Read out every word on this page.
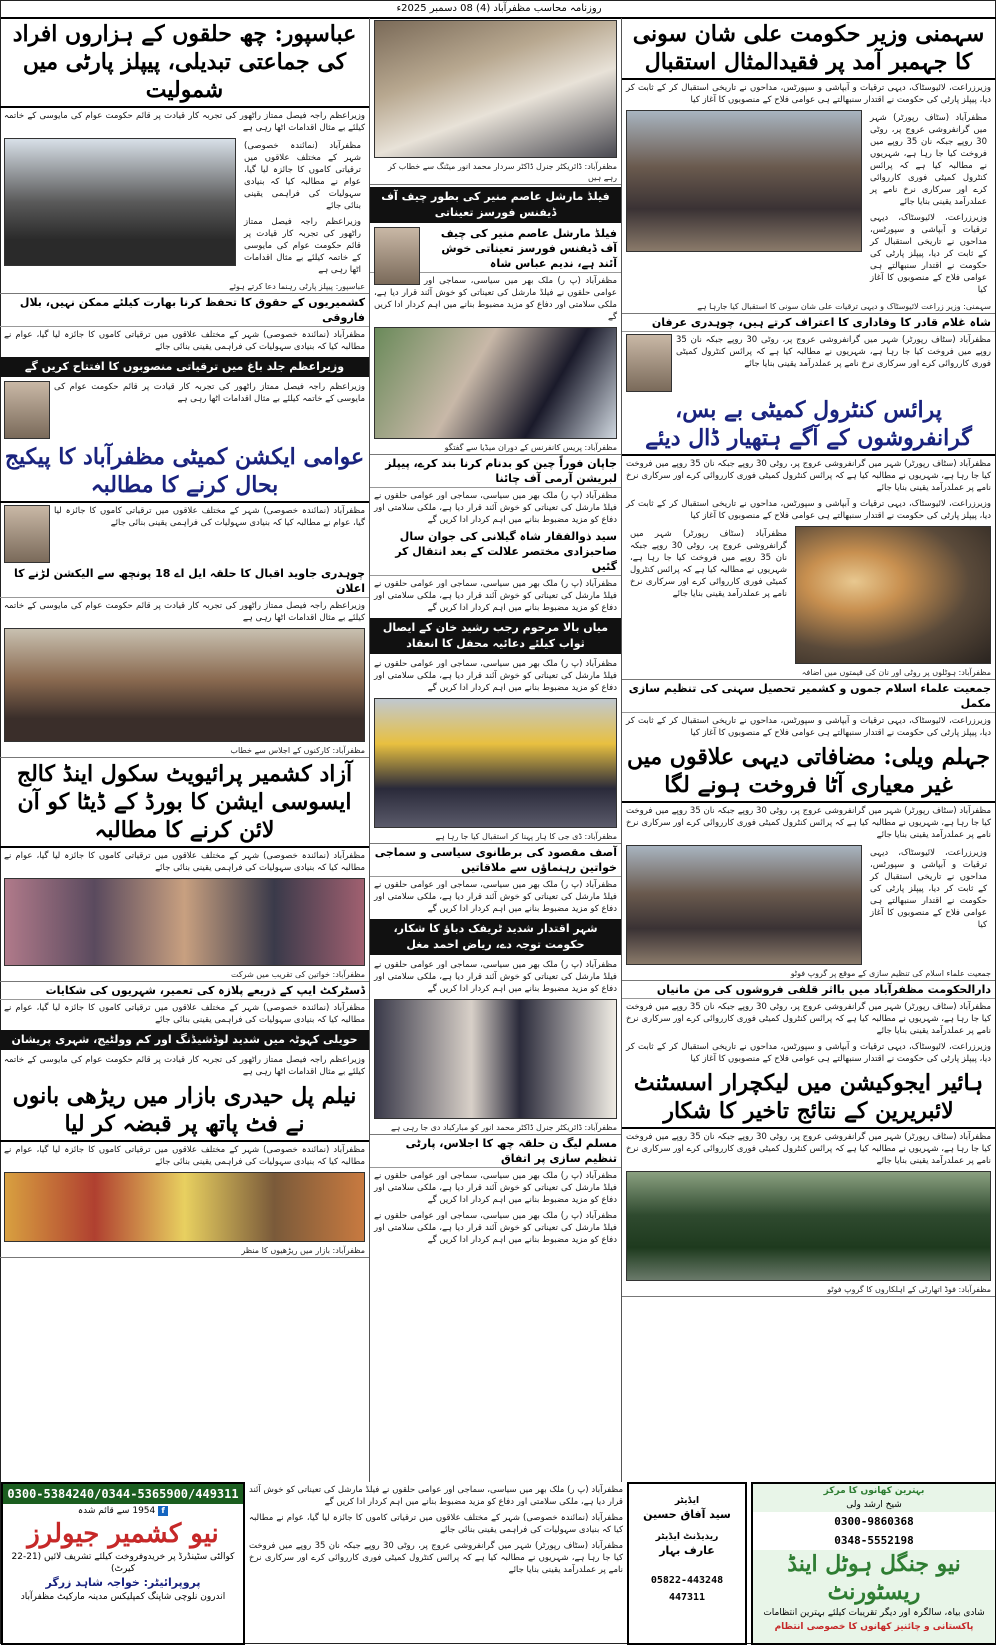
روزنامہ محاسب مظفرآباد (4) 08 دسمبر 2025ء
سہمنی وزیر حکومت علی شان سونی کا جہمبر آمد پر فقیدالمثال استقبال
وزیرزراعت، لائیوسٹاک، دیہی ترقیات و آبپاشی و سپورٹس، مداحوں نے تاریخی استقبال کر کے ثابت کر دیا، پیپلز پارٹی کی حکومت نے اقتدار سنبھالتے ہی عوامی فلاح کے منصوبوں کا آغاز کیا
مظفرآباد (سٹاف رپورٹر) شہر میں گرانفروشی عروج پر، روٹی 30 روپے جبکہ نان 35 روپے میں فروخت کیا جا رہا ہے، شہریوں نے مطالبہ کیا ہے کہ پرائس کنٹرول کمیٹی فوری کارروائی کرے اور سرکاری نرخ نامے پر عملدرآمد یقینی بنایا جائے
وزیرزراعت، لائیوسٹاک، دیہی ترقیات و آبپاشی و سپورٹس، مداحوں نے تاریخی استقبال کر کے ثابت کر دیا، پیپلز پارٹی کی حکومت نے اقتدار سنبھالتے ہی عوامی فلاح کے منصوبوں کا آغاز کیا
سہمنی: وزیر زراعت لائیوسٹاک و دیہی ترقیات علی شان سونی کا استقبال کیا جارہا ہے
شاہ غلام قادر کا وفاداری کا اعتراف کرتے ہیں، چوہدری عرفان
مظفرآباد (سٹاف رپورٹر) شہر میں گرانفروشی عروج پر، روٹی 30 روپے جبکہ نان 35 روپے میں فروخت کیا جا رہا ہے، شہریوں نے مطالبہ کیا ہے کہ پرائس کنٹرول کمیٹی فوری کارروائی کرے اور سرکاری نرخ نامے پر عملدرآمد یقینی بنایا جائے
پرائس کنٹرول کمیٹی بے بس، گرانفروشوں کے آگے ہتھیار ڈال دیئے
مظفرآباد (سٹاف رپورٹر) شہر میں گرانفروشی عروج پر، روٹی 30 روپے جبکہ نان 35 روپے میں فروخت کیا جا رہا ہے، شہریوں نے مطالبہ کیا ہے کہ پرائس کنٹرول کمیٹی فوری کارروائی کرے اور سرکاری نرخ نامے پر عملدرآمد یقینی بنایا جائے
وزیرزراعت، لائیوسٹاک، دیہی ترقیات و آبپاشی و سپورٹس، مداحوں نے تاریخی استقبال کر کے ثابت کر دیا، پیپلز پارٹی کی حکومت نے اقتدار سنبھالتے ہی عوامی فلاح کے منصوبوں کا آغاز کیا
مظفرآباد (سٹاف رپورٹر) شہر میں گرانفروشی عروج پر، روٹی 30 روپے جبکہ نان 35 روپے میں فروخت کیا جا رہا ہے، شہریوں نے مطالبہ کیا ہے کہ پرائس کنٹرول کمیٹی فوری کارروائی کرے اور سرکاری نرخ نامے پر عملدرآمد یقینی بنایا جائے
مظفرآباد: ہوٹلوں پر روٹی اور نان کی قیمتوں میں اضافہ
جمعیت علماء اسلام جموں و کشمیر تحصیل سہنی کی تنظیم سازی مکمل
وزیرزراعت، لائیوسٹاک، دیہی ترقیات و آبپاشی و سپورٹس، مداحوں نے تاریخی استقبال کر کے ثابت کر دیا، پیپلز پارٹی کی حکومت نے اقتدار سنبھالتے ہی عوامی فلاح کے منصوبوں کا آغاز کیا
جہلم ویلی: مضافاتی دیہی علاقوں میں غیر معیاری آٹا فروخت ہونے لگا
مظفرآباد (سٹاف رپورٹر) شہر میں گرانفروشی عروج پر، روٹی 30 روپے جبکہ نان 35 روپے میں فروخت کیا جا رہا ہے، شہریوں نے مطالبہ کیا ہے کہ پرائس کنٹرول کمیٹی فوری کارروائی کرے اور سرکاری نرخ نامے پر عملدرآمد یقینی بنایا جائے
وزیرزراعت، لائیوسٹاک، دیہی ترقیات و آبپاشی و سپورٹس، مداحوں نے تاریخی استقبال کر کے ثابت کر دیا، پیپلز پارٹی کی حکومت نے اقتدار سنبھالتے ہی عوامی فلاح کے منصوبوں کا آغاز کیا
جمعیت علماء اسلام کی تنظیم سازی کے موقع پر گروپ فوٹو
دارالحکومت مظفرآباد میں بااثر قلفی فروشوں کی من مانیاں
مظفرآباد (سٹاف رپورٹر) شہر میں گرانفروشی عروج پر، روٹی 30 روپے جبکہ نان 35 روپے میں فروخت کیا جا رہا ہے، شہریوں نے مطالبہ کیا ہے کہ پرائس کنٹرول کمیٹی فوری کارروائی کرے اور سرکاری نرخ نامے پر عملدرآمد یقینی بنایا جائے
وزیرزراعت، لائیوسٹاک، دیہی ترقیات و آبپاشی و سپورٹس، مداحوں نے تاریخی استقبال کر کے ثابت کر دیا، پیپلز پارٹی کی حکومت نے اقتدار سنبھالتے ہی عوامی فلاح کے منصوبوں کا آغاز کیا
ہائیر ایجوکیشن میں لیکچرار اسسٹنٹ لائبریرین کے نتائج تاخیر کا شکار
مظفرآباد (سٹاف رپورٹر) شہر میں گرانفروشی عروج پر، روٹی 30 روپے جبکہ نان 35 روپے میں فروخت کیا جا رہا ہے، شہریوں نے مطالبہ کیا ہے کہ پرائس کنٹرول کمیٹی فوری کارروائی کرے اور سرکاری نرخ نامے پر عملدرآمد یقینی بنایا جائے
مظفرآباد: فوڈ اتھارٹی کے اہلکاروں کا گروپ فوٹو
مظفرآباد: ڈائریکٹر جنرل ڈاکٹر سردار محمد انور میٹنگ سے خطاب کر رہے ہیں
فیلڈ مارشل عاصم منیر کی بطور چیف آف ڈیفنس فورسز تعیناتی
فیلڈ مارشل عاصم منیر کی چیف آف ڈیفنس فورسز تعیناتی خوش آئند ہے، ندیم عباس شاہ
مظفرآباد (پ ر) ملک بھر میں سیاسی، سماجی اور عوامی حلقوں نے فیلڈ مارشل کی تعیناتی کو خوش آئند قرار دیا ہے، ملکی سلامتی اور دفاع کو مزید مضبوط بنانے میں اہم کردار ادا کریں گے
مظفرآباد: پریس کانفرنس کے دوران میڈیا سے گفتگو
جاپان فوراً چین کو بدنام کرنا بند کرے، پیپلز لبریشن آرمی آف چائنا
مظفرآباد (پ ر) ملک بھر میں سیاسی، سماجی اور عوامی حلقوں نے فیلڈ مارشل کی تعیناتی کو خوش آئند قرار دیا ہے، ملکی سلامتی اور دفاع کو مزید مضبوط بنانے میں اہم کردار ادا کریں گے
سید ذوالفقار شاہ گیلانی کی جوان سال صاحبزادی مختصر علالت کے بعد انتقال کر گئیں
مظفرآباد (پ ر) ملک بھر میں سیاسی، سماجی اور عوامی حلقوں نے فیلڈ مارشل کی تعیناتی کو خوش آئند قرار دیا ہے، ملکی سلامتی اور دفاع کو مزید مضبوط بنانے میں اہم کردار ادا کریں گے
میاں بالا مرحوم رجب رشید خان کے ایصال ثواب کیلئے دعائیہ محفل کا انعقاد
مظفرآباد (پ ر) ملک بھر میں سیاسی، سماجی اور عوامی حلقوں نے فیلڈ مارشل کی تعیناتی کو خوش آئند قرار دیا ہے، ملکی سلامتی اور دفاع کو مزید مضبوط بنانے میں اہم کردار ادا کریں گے
مظفرآباد: ڈی جی کا ہار پہنا کر استقبال کیا جا رہا ہے
آصف مقصود کی برطانوی سیاسی و سماجی خواتین رہنماؤں سے ملاقاتیں
مظفرآباد (پ ر) ملک بھر میں سیاسی، سماجی اور عوامی حلقوں نے فیلڈ مارشل کی تعیناتی کو خوش آئند قرار دیا ہے، ملکی سلامتی اور دفاع کو مزید مضبوط بنانے میں اہم کردار ادا کریں گے
شہر اقتدار شدید ٹریفک دباؤ کا شکار، حکومت توجہ دے، ریاض احمد مغل
مظفرآباد (پ ر) ملک بھر میں سیاسی، سماجی اور عوامی حلقوں نے فیلڈ مارشل کی تعیناتی کو خوش آئند قرار دیا ہے، ملکی سلامتی اور دفاع کو مزید مضبوط بنانے میں اہم کردار ادا کریں گے
مظفرآباد: ڈائریکٹر جنرل ڈاکٹر محمد انور کو مبارکباد دی جا رہی ہے
مسلم لیگ ن حلقہ چھ کا اجلاس، پارٹی تنظیم سازی پر اتفاق
مظفرآباد (پ ر) ملک بھر میں سیاسی، سماجی اور عوامی حلقوں نے فیلڈ مارشل کی تعیناتی کو خوش آئند قرار دیا ہے، ملکی سلامتی اور دفاع کو مزید مضبوط بنانے میں اہم کردار ادا کریں گے
مظفرآباد (پ ر) ملک بھر میں سیاسی، سماجی اور عوامی حلقوں نے فیلڈ مارشل کی تعیناتی کو خوش آئند قرار دیا ہے، ملکی سلامتی اور دفاع کو مزید مضبوط بنانے میں اہم کردار ادا کریں گے
عباسپور: چھ حلقوں کے ہزاروں افراد کی جماعتی تبدیلی، پیپلز پارٹی میں شمولیت
وزیراعظم راجہ فیصل ممتاز راٹھور کی تجربہ کار قیادت پر قائم حکومت عوام کی مایوسی کے خاتمہ کیلئے بے مثال اقدامات اٹھا رہی ہے
مظفرآباد (نمائندہ خصوصی) شہر کے مختلف علاقوں میں ترقیاتی کاموں کا جائزہ لیا گیا، عوام نے مطالبہ کیا کہ بنیادی سہولیات کی فراہمی یقینی بنائی جائے
وزیراعظم راجہ فیصل ممتاز راٹھور کی تجربہ کار قیادت پر قائم حکومت عوام کی مایوسی کے خاتمہ کیلئے بے مثال اقدامات اٹھا رہی ہے
عباسپور: پیپلز پارٹی رہنما دعا کرتے ہوئے
کشمیریوں کے حقوق کا تحفظ کرنا بھارت کیلئے ممکن نہیں، بلال فاروقی
مظفرآباد (نمائندہ خصوصی) شہر کے مختلف علاقوں میں ترقیاتی کاموں کا جائزہ لیا گیا، عوام نے مطالبہ کیا کہ بنیادی سہولیات کی فراہمی یقینی بنائی جائے
وزیراعظم جلد باغ میں ترقیاتی منصوبوں کا افتتاح کریں گے
وزیراعظم راجہ فیصل ممتاز راٹھور کی تجربہ کار قیادت پر قائم حکومت عوام کی مایوسی کے خاتمہ کیلئے بے مثال اقدامات اٹھا رہی ہے
عوامی ایکشن کمیٹی مظفرآباد کا پیکیج بحال کرنے کا مطالبہ
مظفرآباد (نمائندہ خصوصی) شہر کے مختلف علاقوں میں ترقیاتی کاموں کا جائزہ لیا گیا، عوام نے مطالبہ کیا کہ بنیادی سہولیات کی فراہمی یقینی بنائی جائے
چوہدری جاوید اقبال کا حلقہ ایل اے 18 پونچھ سے الیکشن لڑنے کا اعلان
وزیراعظم راجہ فیصل ممتاز راٹھور کی تجربہ کار قیادت پر قائم حکومت عوام کی مایوسی کے خاتمہ کیلئے بے مثال اقدامات اٹھا رہی ہے
مظفرآباد: کارکنوں کے اجلاس سے خطاب
آزاد کشمیر پرائیویٹ سکول اینڈ کالج ایسوسی ایشن کا بورڈ کے ڈیٹا کو آن لائن کرنے کا مطالبہ
مظفرآباد (نمائندہ خصوصی) شہر کے مختلف علاقوں میں ترقیاتی کاموں کا جائزہ لیا گیا، عوام نے مطالبہ کیا کہ بنیادی سہولیات کی فراہمی یقینی بنائی جائے
مظفرآباد: خواتین کی تقریب میں شرکت
ڈسٹرکٹ ایپ کے ذریعے پلازہ کی تعمیر، شہریوں کی شکایات
مظفرآباد (نمائندہ خصوصی) شہر کے مختلف علاقوں میں ترقیاتی کاموں کا جائزہ لیا گیا، عوام نے مطالبہ کیا کہ بنیادی سہولیات کی فراہمی یقینی بنائی جائے
حویلی کہوٹہ میں شدید لوڈشیڈنگ اور کم وولٹیج، شہری پریشان
وزیراعظم راجہ فیصل ممتاز راٹھور کی تجربہ کار قیادت پر قائم حکومت عوام کی مایوسی کے خاتمہ کیلئے بے مثال اقدامات اٹھا رہی ہے
نیلم پل حیدری بازار میں ریڑھی بانوں نے فٹ پاتھ پر قبضہ کر لیا
مظفرآباد (نمائندہ خصوصی) شہر کے مختلف علاقوں میں ترقیاتی کاموں کا جائزہ لیا گیا، عوام نے مطالبہ کیا کہ بنیادی سہولیات کی فراہمی یقینی بنائی جائے
مظفرآباد: بازار میں ریڑھیوں کا منظر
0300-5384240/0344-5365900/449311
f 1954 سے قائم شدہ
نیو کشمیر جیولرز
کوالٹی سٹینڈرڈ پر خریدوفروخت کیلئے تشریف لائیں (21-22 کیرٹ)
پروپرائیٹر: خواجہ شاہد زرگر
اندرون نلوچی شاپنگ کمپلیکس مدینہ مارکیٹ مظفرآباد
مظفرآباد (پ ر) ملک بھر میں سیاسی، سماجی اور عوامی حلقوں نے فیلڈ مارشل کی تعیناتی کو خوش آئند قرار دیا ہے، ملکی سلامتی اور دفاع کو مزید مضبوط بنانے میں اہم کردار ادا کریں گے
مظفرآباد (نمائندہ خصوصی) شہر کے مختلف علاقوں میں ترقیاتی کاموں کا جائزہ لیا گیا، عوام نے مطالبہ کیا کہ بنیادی سہولیات کی فراہمی یقینی بنائی جائے
مظفرآباد (سٹاف رپورٹر) شہر میں گرانفروشی عروج پر، روٹی 30 روپے جبکہ نان 35 روپے میں فروخت کیا جا رہا ہے، شہریوں نے مطالبہ کیا ہے کہ پرائس کنٹرول کمیٹی فوری کارروائی کرے اور سرکاری نرخ نامے پر عملدرآمد یقینی بنایا جائے
ایڈیٹر
سید آفاق حسین
ریذیڈنٹ ایڈیٹر
عارف بہار
05822-443248
447311
بہترین کھانوں کا مرکز
شیخ ارشد ولی
0300-9860368
0348-5552198
نیو جنگل ہوٹل اینڈ ریسٹورنٹ
شادی بیاہ، سالگرہ اور دیگر تقریبات کیلئے بہترین انتظامات
پاکستانی و چائنیز کھانوں کا خصوصی انتظام
